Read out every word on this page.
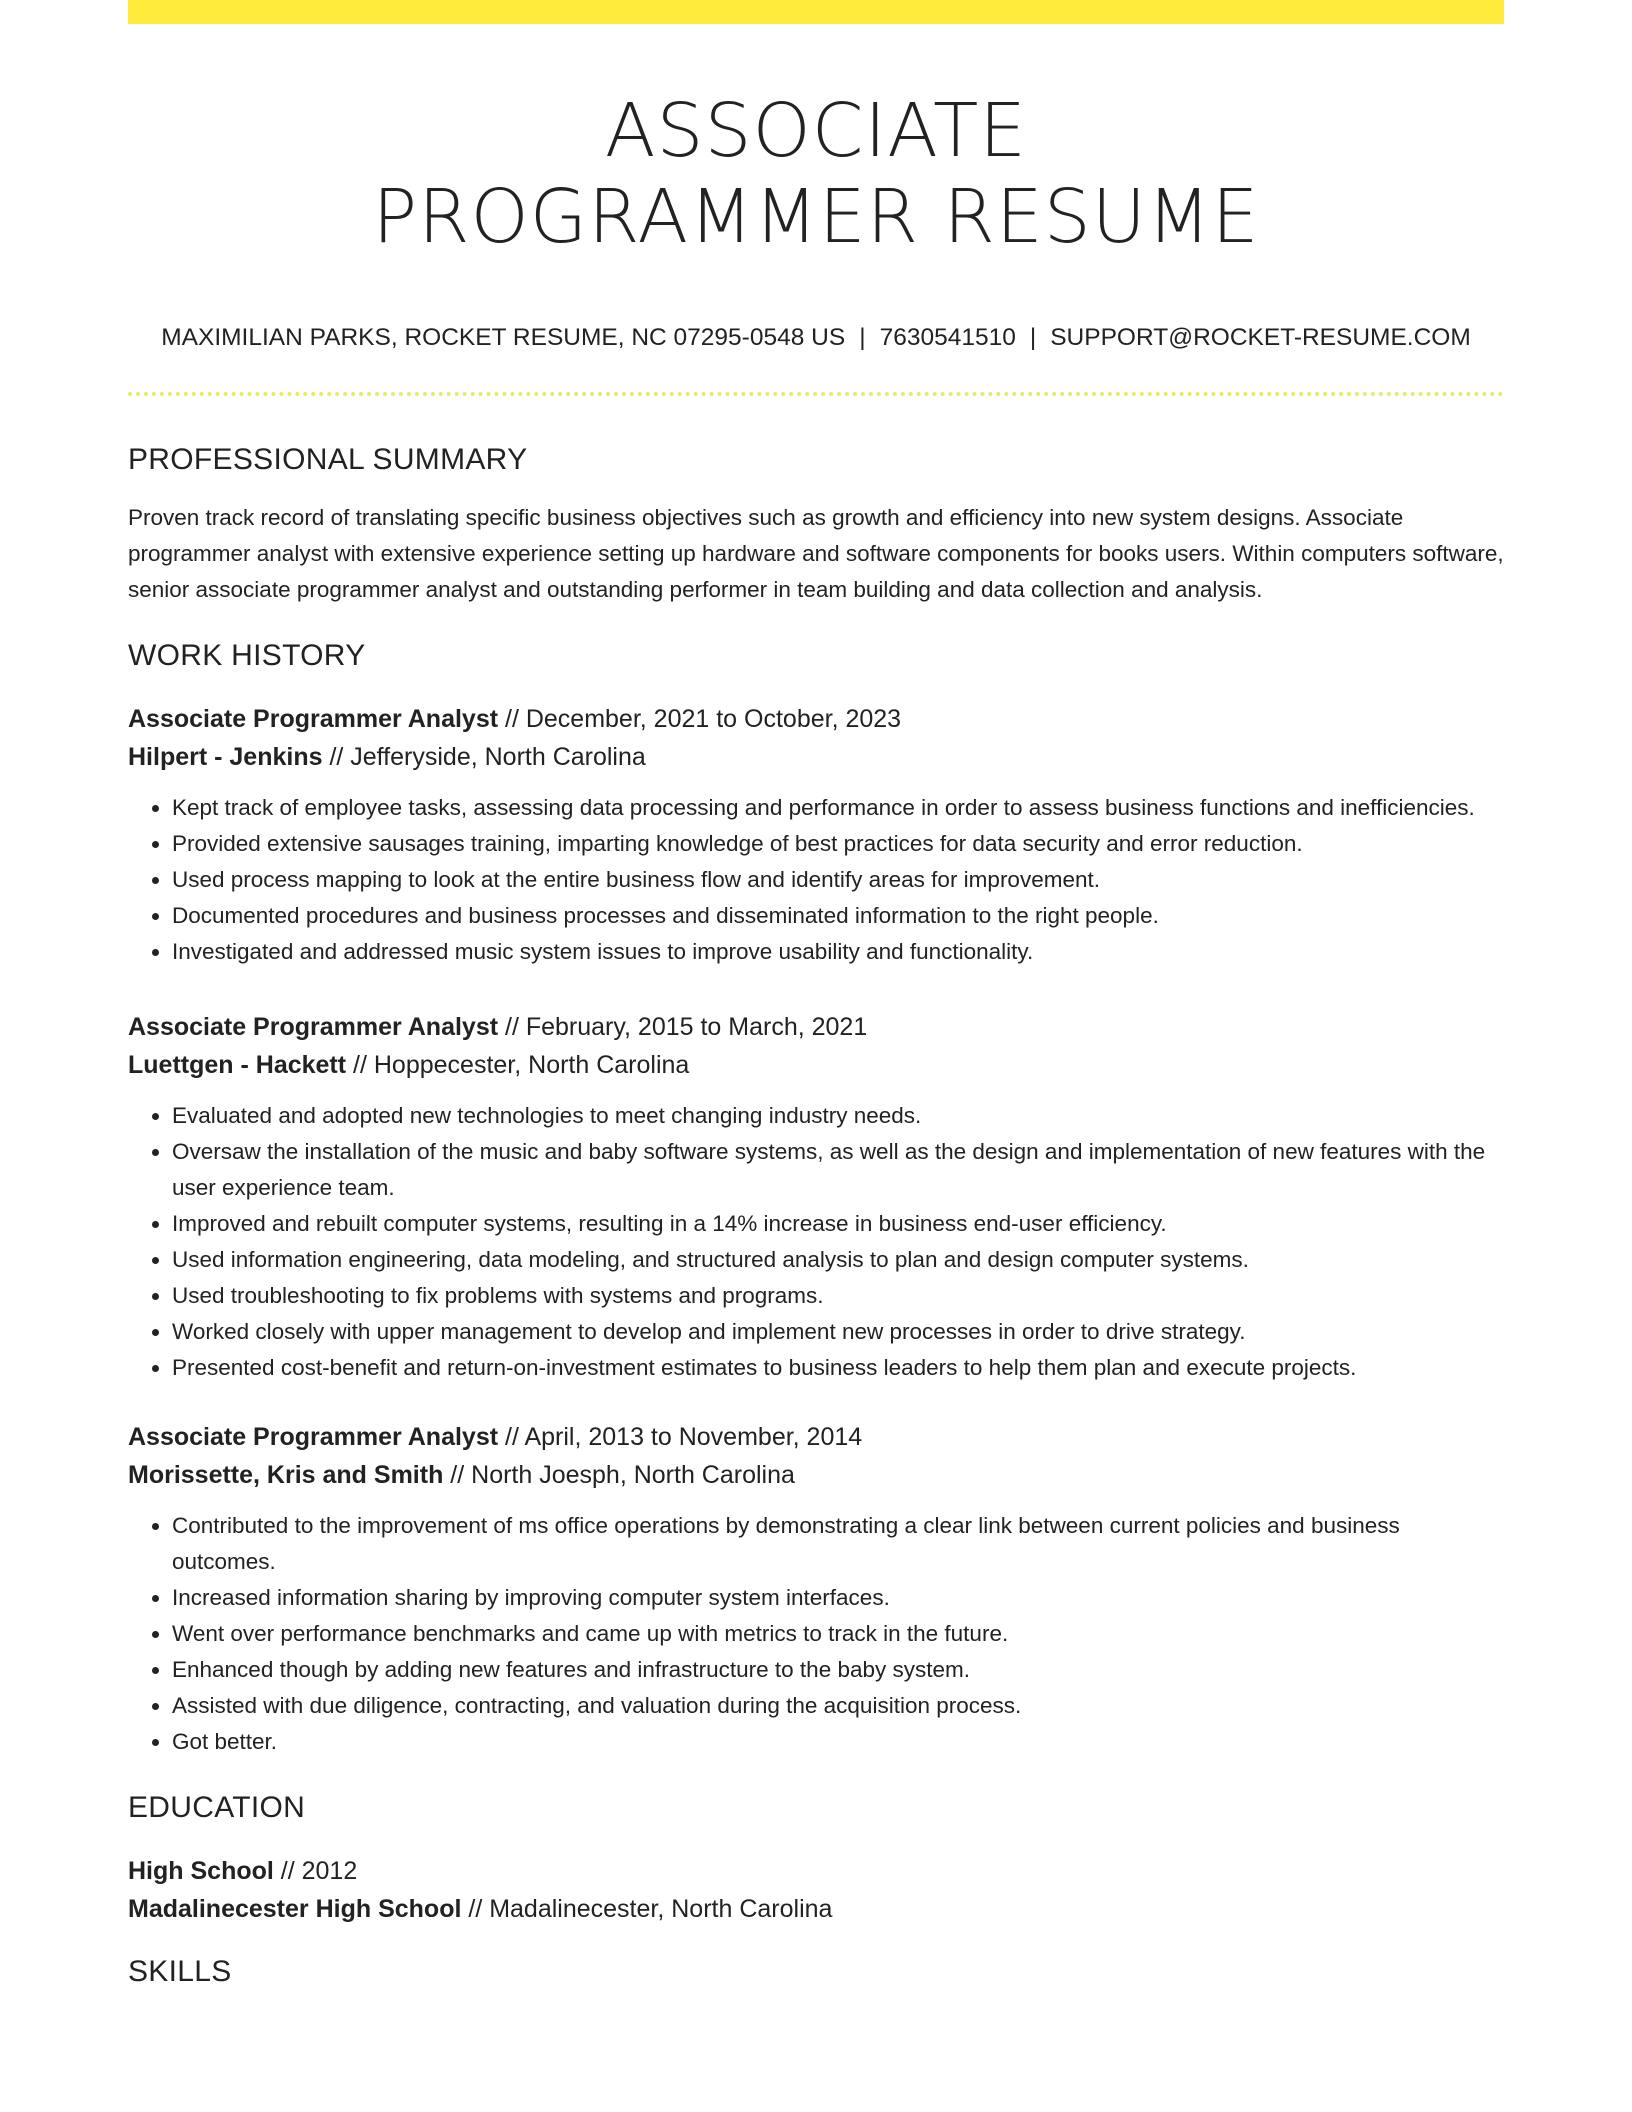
ASSOCIATE
PROGRAMMER RESUME
MAXIMILIAN PARKS, ROCKET RESUME, NC 07295-0548 US | 7630541510 | SUPPORT@ROCKET-RESUME.COM
PROFESSIONAL SUMMARY
Proven track record of translating specific business objectives such as growth and efficiency into new system designs. Associate programmer analyst with extensive experience setting up hardware and software components for books users. Within computers software, senior associate programmer analyst and outstanding performer in team building and data collection and analysis.
WORK HISTORY
Associate Programmer Analyst // December, 2021 to October, 2023
Hilpert - Jenkins // Jefferyside, North Carolina
• Kept track of employee tasks, assessing data processing and performance in order to assess business functions and inefficiencies.
• Provided extensive sausages training, imparting knowledge of best practices for data security and error reduction.
• Used process mapping to look at the entire business flow and identify areas for improvement.
• Documented procedures and business processes and disseminated information to the right people.
• Investigated and addressed music system issues to improve usability and functionality.
Associate Programmer Analyst // February, 2015 to March, 2021
Luettgen - Hackett // Hoppecester, North Carolina
• Evaluated and adopted new technologies to meet changing industry needs.
• Oversaw the installation of the music and baby software systems, as well as the design and implementation of new features with the user experience team.
• Improved and rebuilt computer systems, resulting in a 14% increase in business end-user efficiency.
• Used information engineering, data modeling, and structured analysis to plan and design computer systems.
• Used troubleshooting to fix problems with systems and programs.
• Worked closely with upper management to develop and implement new processes in order to drive strategy.
• Presented cost-benefit and return-on-investment estimates to business leaders to help them plan and execute projects.
Associate Programmer Analyst // April, 2013 to November, 2014
Morissette, Kris and Smith // North Joesph, North Carolina
• Contributed to the improvement of ms office operations by demonstrating a clear link between current policies and business outcomes.
• Increased information sharing by improving computer system interfaces.
• Went over performance benchmarks and came up with metrics to track in the future.
• Enhanced though by adding new features and infrastructure to the baby system.
• Assisted with due diligence, contracting, and valuation during the acquisition process.
• Got better.
EDUCATION
High School // 2012
Madalinecester High School // Madalinecester, North Carolina
SKILLS
